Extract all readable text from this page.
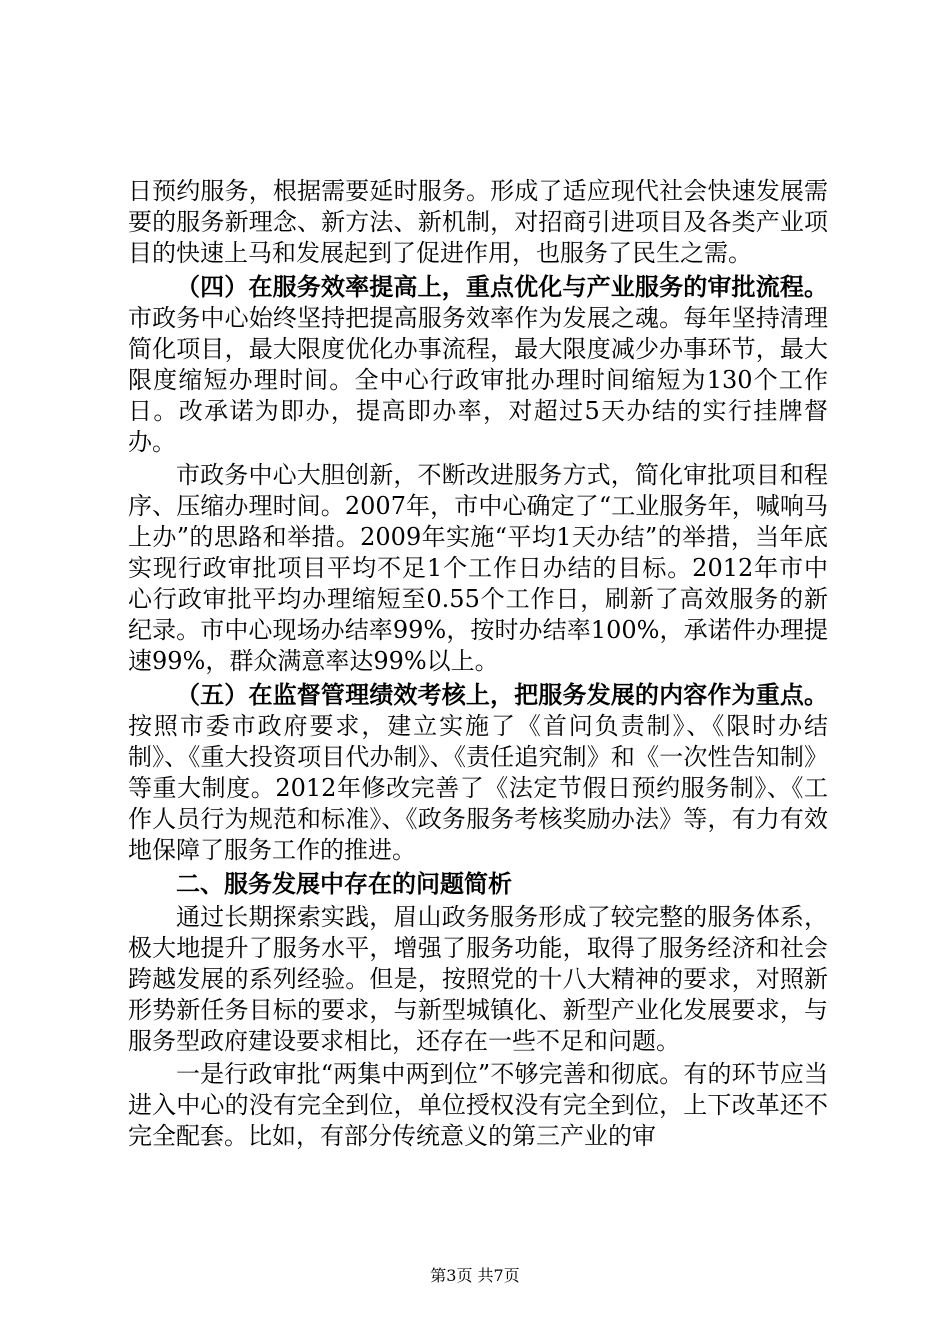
日预约服务，根据需要延时服务。形成了适应现代社会快速发展需要的服务新理念、新方法、新机制，对招商引进项目及各类产业项目的快速上马和发展起到了促进作用，也服务了民生之需。

（四）在服务效率提高上，重点优化与产业服务的审批流程。市政务中心始终坚持把提高服务效率作为发展之魂。每年坚持清理简化项目，最大限度优化办事流程，最大限度减少办事环节，最大限度缩短办理时间。全中心行政审批办理时间缩短为130个工作日。改承诺为即办，提高即办率，对超过5天办结的实行挂牌督办。

市政务中心大胆创新，不断改进服务方式，简化审批项目和程序、压缩办理时间。2007年，市中心确定了“工业服务年，喊响马上办”的思路和举措。2009年实施“平均1天办结”的举措，当年底实现行政审批项目平均不足1个工作日办结的目标。2012年市中心行政审批平均办理缩短至0.55个工作日，刷新了高效服务的新纪录。市中心现场办结率99%，按时办结率100%，承诺件办理提速99%，群众满意率达99%以上。

（五）在监督管理绩效考核上，把服务发展的内容作为重点。按照市委市政府要求，建立实施了《首问负责制》、《限时办结制》、《重大投资项目代办制》、《责任追究制》和《一次性告知制》等重大制度。2012年修改完善了《法定节假日预约服务制》、《工作人员行为规范和标准》、《政务服务考核奖励办法》等，有力有效地保障了服务工作的推进。

二、服务发展中存在的问题简析

通过长期探索实践，眉山政务服务形成了较完整的服务体系，极大地提升了服务水平，增强了服务功能，取得了服务经济和社会跨越发展的系列经验。但是，按照党的十八大精神的要求，对照新形势新任务目标的要求，与新型城镇化、新型产业化发展要求，与服务型政府建设要求相比，还存在一些不足和问题。

一是行政审批“两集中两到位”不够完善和彻底。有的环节应当进入中心的没有完全到位，单位授权没有完全到位，上下改革还不完全配套。比如，有部分传统意义的第三产业的审

第3页 共7页
